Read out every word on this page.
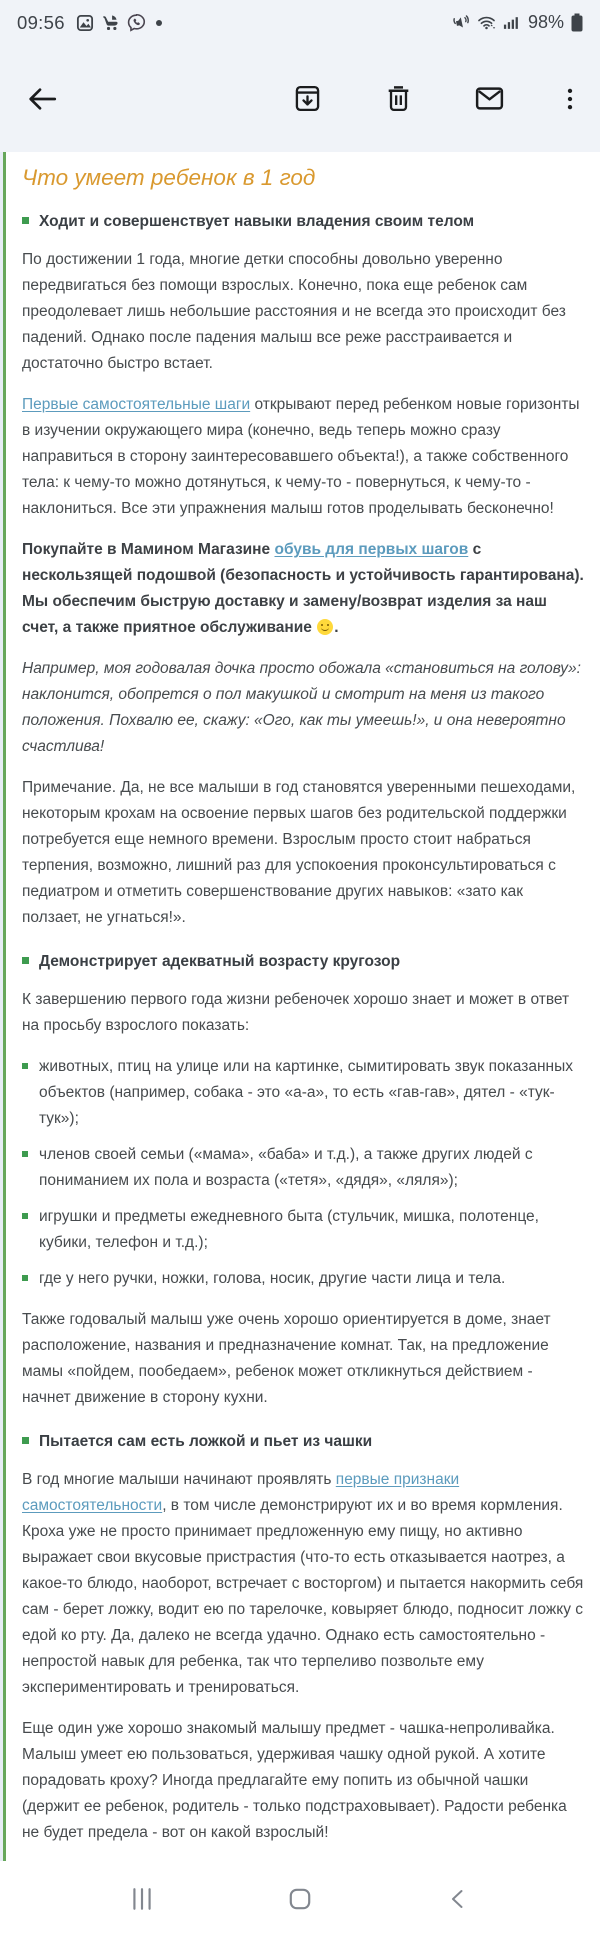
09:56	98%
Что умеет ребенок в 1 год
Ходит и совершенствует навыки владения своим телом

По достижении 1 года, многие детки способны довольно уверенно передвигаться без помощи взрослых. Конечно, пока еще ребенок сам преодолевает лишь небольшие расстояния и не всегда это происходит без падений. Однако после падения малыш все реже расстраивается и достаточно быстро встает.

Первые самостоятельные шаги открывают перед ребенком новые горизонты в изучении окружающего мира (конечно, ведь теперь можно сразу направиться в сторону заинтересовавшего объекта!), а также собственного тела: к чему-то можно дотянуться, к чему-то - повернуться, к чему-то - наклониться. Все эти упражнения малыш готов проделывать бесконечно!

Покупайте в Мамином Магазине обувь для первых шагов с нескользящей подошвой (безопасность и устойчивость гарантирована). Мы обеспечим быструю доставку и замену/возврат изделия за наш счет, а также приятное обслуживание .

Например, моя годовалая дочка просто обожала «становиться на голову»: наклонится, обопрется о пол макушкой и смотрит на меня из такого положения. Похвалю ее, скажу: «Ого, как ты умеешь!», и она невероятно счастлива!

Примечание. Да, не все малыши в год становятся уверенными пешеходами, некоторым крохам на освоение первых шагов без родительской поддержки потребуется еще немного времени. Взрослым просто стоит набраться терпения, возможно, лишний раз для успокоения проконсультироваться с педиатром и отметить совершенствование других навыков: «зато как ползает, не угнаться!».

Демонстрирует адекватный возрасту кругозор

К завершению первого года жизни ребеночек хорошо знает и может в ответ на просьбу взрослого показать:

животных, птиц на улице или на картинке, сымитировать звук показанных объектов (например, собака - это «а-а», то есть «гав-гав», дятел - «тук-тук»);
членов своей семьи («мама», «баба» и т.д.), а также других людей с пониманием их пола и возраста («тетя», «дядя», «ляля»);
игрушки и предметы ежедневного быта (стульчик, мишка, полотенце, кубики, телефон и т.д.);
где у него ручки, ножки, голова, носик, другие части лица и тела.

Также годовалый малыш уже очень хорошо ориентируется в доме, знает расположение, названия и предназначение комнат. Так, на предложение мамы «пойдем, пообедаем», ребенок может откликнуться действием - начнет движение в сторону кухни.

Пытается сам есть ложкой и пьет из чашки

В год многие малыши начинают проявлять первые признаки самостоятельности, в том числе демонстрируют их и во время кормления. Кроха уже не просто принимает предложенную ему пищу, но активно выражает свои вкусовые пристрастия (что-то есть отказывается наотрез, а какое-то блюдо, наоборот, встречает с восторгом) и пытается накормить себя сам - берет ложку, водит ею по тарелочке, ковыряет блюдо, подносит ложку с едой ко рту. Да, далеко не всегда удачно. Однако есть самостоятельно - непростой навык для ребенка, так что терпеливо позвольте ему экспериментировать и тренироваться.

Еще один уже хорошо знакомый малышу предмет - чашка-непроливайка. Малыш умеет ею пользоваться, удерживая чашку одной рукой. А хотите порадовать кроху? Иногда предлагайте ему попить из обычной чашки (держит ее ребенок, родитель - только подстраховывает). Радости ребенка не будет предела - вот он какой взрослый!
